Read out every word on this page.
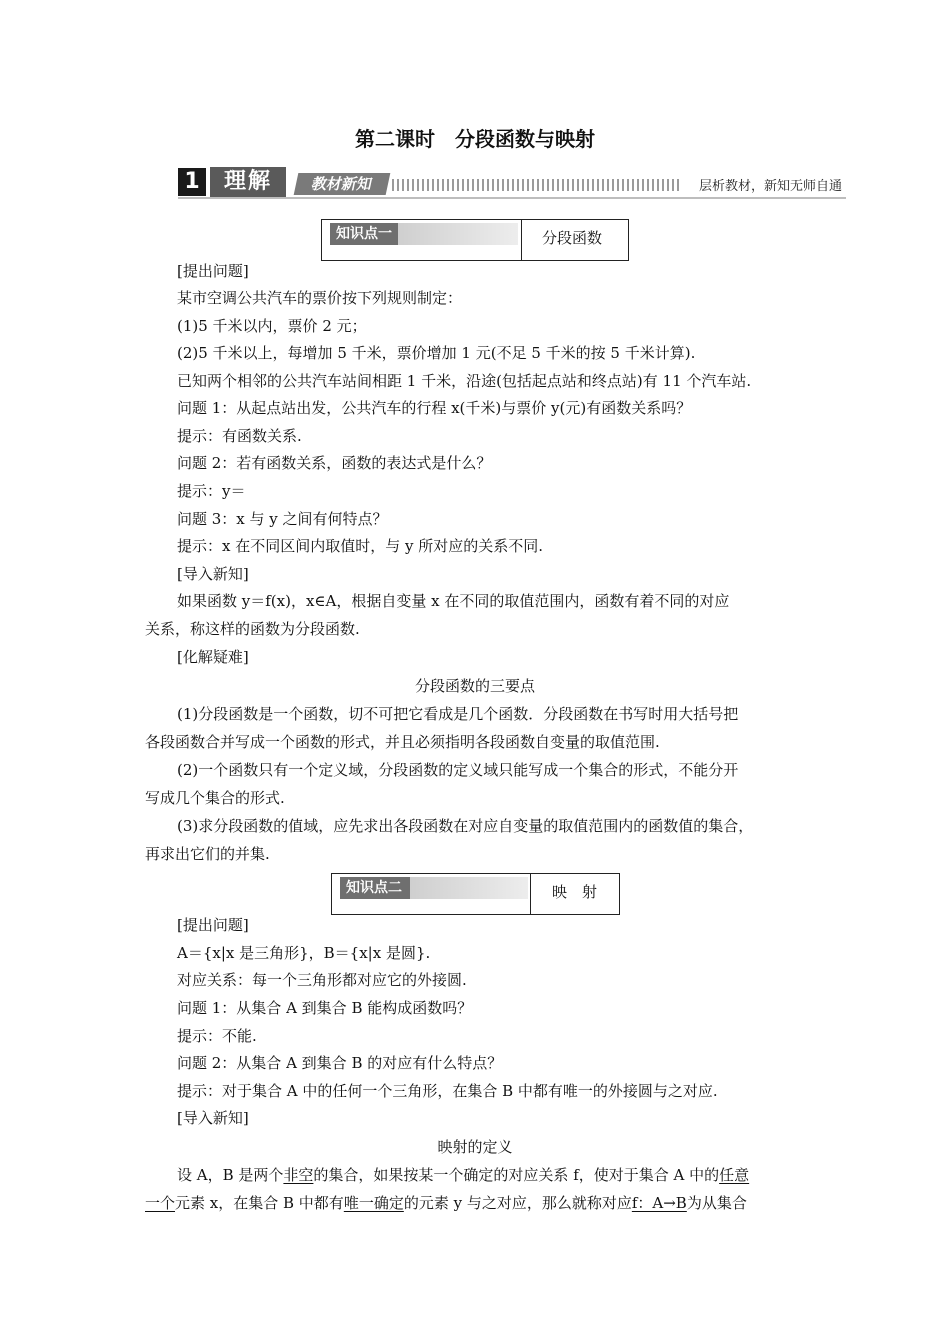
第二课时　分段函数与映射
1	理解	教材新知	层析教材，新知无师自通
知识点一	分段函数
[提出问题]
某市空调公共汽车的票价按下列规则制定：
(1)5 千米以内，票价 2 元；
(2)5 千米以上，每增加 5 千米，票价增加 1 元(不足 5 千米的按 5 千米计算).
已知两个相邻的公共汽车站间相距 1 千米，沿途(包括起点站和终点站)有 11 个汽车站.
问题 1：从起点站出发，公共汽车的行程 x(千米)与票价 y(元)有函数关系吗？
提示：有函数关系.
问题 2：若有函数关系，函数的表达式是什么？
提示：y＝
问题 3：x 与 y 之间有何特点？
提示：x 在不同区间内取值时，与 y 所对应的关系不同.
[导入新知]
如果函数 y＝f(x)，x∈A，根据自变量 x 在不同的取值范围内，函数有着不同的对应
关系，称这样的函数为分段函数.
[化解疑难]
分段函数的三要点
(1)分段函数是一个函数，切不可把它看成是几个函数．分段函数在书写时用大括号把
各段函数合并写成一个函数的形式，并且必须指明各段函数自变量的取值范围.
(2)一个函数只有一个定义域，分段函数的定义域只能写成一个集合的形式，不能分开
写成几个集合的形式.
(3)求分段函数的值域，应先求出各段函数在对应自变量的取值范围内的函数值的集合，
再求出它们的并集.
知识点二	映　射
[提出问题]
A＝{x|x 是三角形}，B＝{x|x 是圆}.
对应关系：每一个三角形都对应它的外接圆.
问题 1：从集合 A 到集合 B 能构成函数吗？
提示：不能.
问题 2：从集合 A 到集合 B 的对应有什么特点？
提示：对于集合 A 中的任何一个三角形，在集合 B 中都有唯一的外接圆与之对应.
[导入新知]
映射的定义
设 A，B 是两个非空的集合，如果按某一个确定的对应关系 f，使对于集合 A 中的任意
一个元素 x，在集合 B 中都有唯一确定的元素 y 与之对应，那么就称对应f：A→B为从集合
